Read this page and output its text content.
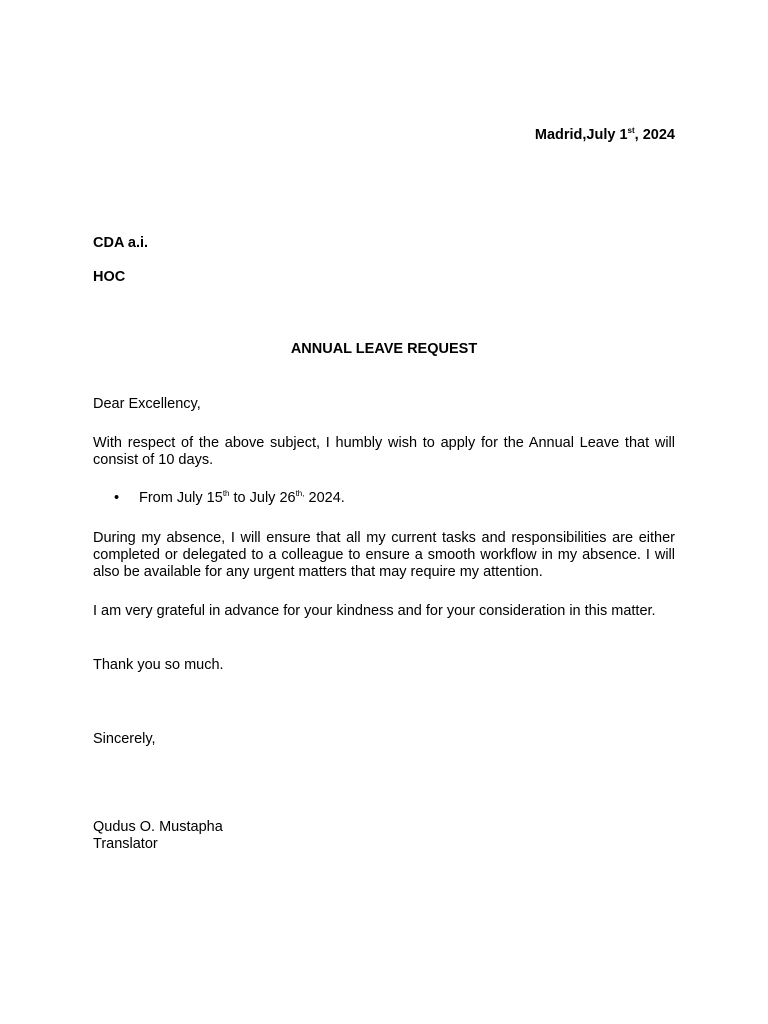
Madrid,July 1st, 2024
CDA a.i.
HOC
ANNUAL LEAVE REQUEST
Dear Excellency,
With respect of the above subject, I humbly wish to apply for the Annual Leave that will consist of 10 days.
• From July 15th to July $26^{th,}$ 2024.
During my absence, I will ensure that all my current tasks and responsibilities are either completed or delegated to a colleague to ensure a smooth workflow in my absence. I will also be available for any urgent matters that may require my attention.
I am very grateful in advance for your kindness and for your consideration in this matter.
Thank you so much.
Sincerely,
Qudus O. Mustapha
Translator
